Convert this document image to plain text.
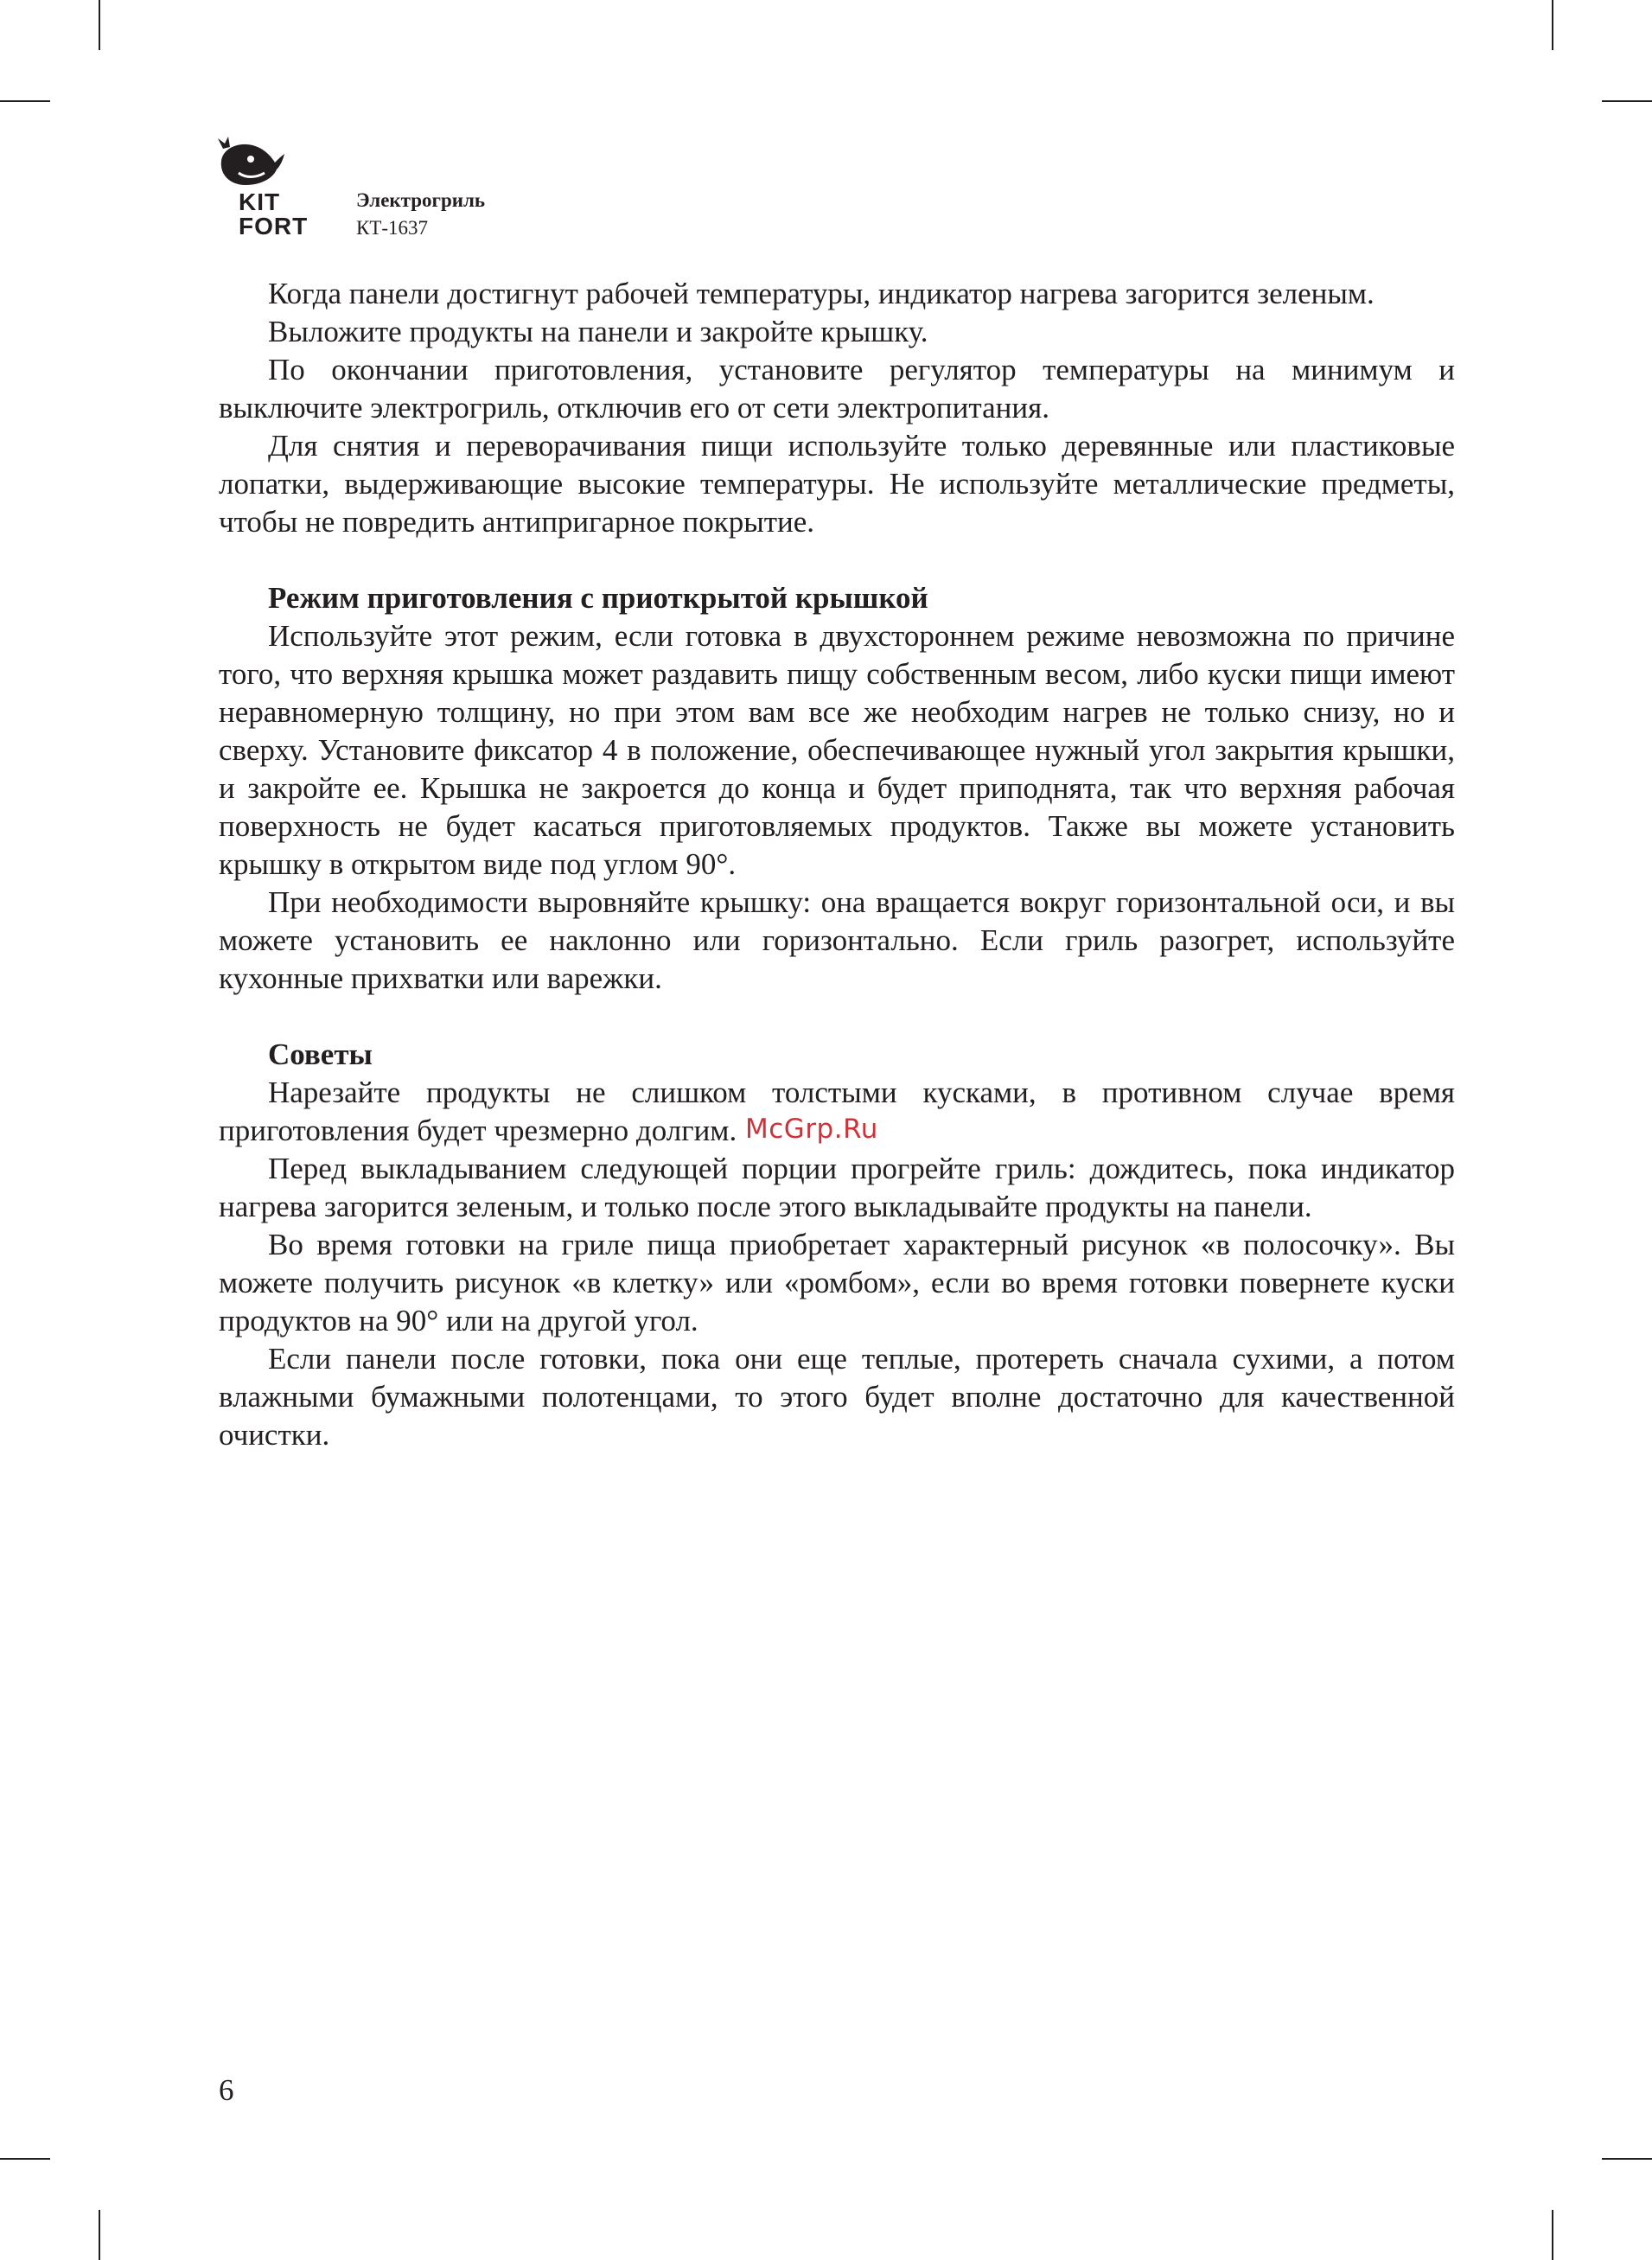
KIT
FORT
Электрогриль
КТ-1637

Когда панели достигнут рабочей температуры, индикатор нагрева загорится зеленым.

Выложите продукты на панели и закройте крышку.

По окончании приготовления, установите регулятор температуры на минимум и выключите электрогриль, отключив его от сети электропитания.

Для снятия и переворачивания пищи используйте только деревянные или пластиковые лопатки, выдерживающие высокие температуры. Не используйте металлические предметы, чтобы не повредить антипригарное покрытие.

Режим приготовления с приоткрытой крышкой

Используйте этот режим, если готовка в двухстороннем режиме невозможна по причине того, что верхняя крышка может раздавить пищу собственным весом, либо куски пищи имеют неравномерную толщину, но при этом вам все же необходим нагрев не только снизу, но и сверху. Установите фиксатор 4 в положение, обеспечивающее нужный угол закрытия крышки, и закройте ее. Крышка не закроется до конца и будет приподнята, так что верхняя рабочая поверхность не будет касаться приготовляемых продуктов. Также вы можете установить крышку в открытом виде под углом 90°.

При необходимости выровняйте крышку: она вращается вокруг горизонтальной оси, и вы можете установить ее наклонно или горизонтально. Если гриль разогрет, используйте кухонные прихватки или варежки.

Советы

Нарезайте продукты не слишком толстыми кусками, в противном случае время приготовления будет чрезмерно долгим.

Перед выкладыванием следующей порции прогрейте гриль: дождитесь, пока индикатор нагрева загорится зеленым, и только после этого выкладывайте продукты на панели.

Во время готовки на гриле пища приобретает характерный рисунок «в полосочку». Вы можете получить рисунок «в клетку» или «ромбом», если во время готовки повернете куски продуктов на 90° или на другой угол.

Если панели после готовки, пока они еще теплые, протереть сначала сухими, а потом влажными бумажными полотенцами, то этого будет вполне достаточно для качественной очистки.

McGrp.Ru
6
